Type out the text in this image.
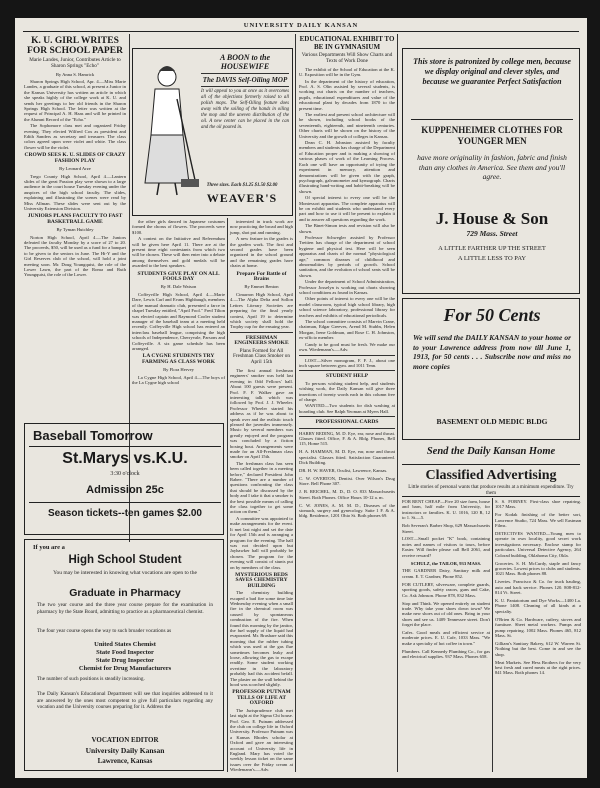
UNIVERSITY DAILY KANSAN
K. U. GIRL WRITES FOR SCHOOL PAPER
Marie Landes, Junior, Contributes Article to Sharon Springs "Echo"
By Anna S. Hamrick

Sharon Springs High School, Apr. 4.—Miss Marie Landes, a graduate of this school, at present a Junior in the Kansas University has written an article in which she speaks highly of the college work at K. U. and sends her greetings to her old friends in the Sharon Springs High School. The letter was written at the request of Principal A. H. Haas and will be printed in the Alumni Record of the "Echo."

The Sophomore class met and organized Friday evening. They elected Wilfred Cox as president and Edith Sanders as secretary and treasurer. The class colors agreed upon were violet and white. The class flower will be the violet.

CROWD SEES K. U. SLIDES OF CRAZY FASHION PLAY
By Leonard Arze

Trego County High School, April 4.—Lantern slides of the great Passion play were shown to a large audience in the court house Tuesday evening under the auspices of the high school faculty. The slides, explaining and illustrating the scenes were read by Miss Allman. These slides were sent out by the University Extension Division.

JUNIORS PLANS FACULTY TO FAST BASKETBALL GAME
By Tyman Hutchley

Norton High School, April 4.—The Juniors defeated the faculty Monday by a score of 27 to 20. The proceeds, $50, will be used as a fund for a banquet to be given to the seniors in June. The Hi-Y and the Girl Reserves club of the school, will hold a joint meeting soon. Mr. Doug Youngquist, the role of the Lower Lawn, the part of the Roma and Ruth Youngquist, the role of the Lower.

A BOON to the HOUSEWIFE
The DAVIS Self-Oiling MOP
It will appeal to you at once as it overcomes all of the objections formerly raised to all polish mops. The Self-Oiling feature does away with the soiling of the hands in oiling the mop and the uneven distribution of the oil. A new center can be placed in the can and the oil poured in.
Three sizes. Each $1.25 $1.50 $2.00
WEAVER'S

the other girls danced in Japanese costumes formed the chorus of flowers. The proceeds were $100.

A contest on the Initiative and Referendum will be given here April 11. There are at the present time eight contestants from which two will be chosen. These will then enter into a debate among themselves and gold medals will be awarded to the best speakers.

STUDENTS GIVE PLAY ON ALL FOOLS DAY
By H. Dale Watson

Coffeyville High School, April 4.—Marie Dare, Lewis Carl and Evans Highbaugh, members of the manual dramatic club, presented a farce in chapel Tuesday entitled, "April Fool." Fred Tilton was elected captain and Raymond Cooler student manager of the baseball team at a meeting held recently. Coffeyville High school has entered an interclass baseball league, comprising the high schools of Independence, Cherryvale, Parsons and Coffeyville. A six game schedule has been arranged.

LA CYGNE STUDENTS TRY FARMING AS CLASS WORK
By Flora Hervey

La Cygne High School, April 4.—The boys of the La Cygne high school

interested in truck work are now practicing the broad and high jump, shot put and running.

A new feature in the grades is the garden work. The first and second grades have been organized in the school ground and the remaining grades have chairs at home.

Prepare For Battle of Brains
By Emmet Benton

Cimarron High School, April 4.—The Alpha Delta and Sollon Lettres Literary Societies are preparing for the final yearly contest, April 19 to determine which society shall hold the Trophy cup for the ensuing year.

FRESHMAN ENGINEERS SMOKE
Plans Formed for All Freshman Class Smoker on April 15th

The first annual freshman engineers' smoker was held last evening in Odd Fellows' hall. About 100 guests were present. Prof. F. F. Walker gave an interesting talk which was followed by Prof. J. J. Wheeler. Professor Wheeler started his address as if he was about to speak over and the realistic touch pleased the juveniles immensely. Music by several members was greatly enjoyed and the program was concluded by a fiction boxing bout. Arrangements were made for an All-Freshman class smoker on April 15th.

The freshman class has seen been called together in a meeting before," declared President John Rabee. "There are a number of questions confronting the class that should be discussed by the body and I take it that a smoker is the best possible means of calling the class together to get some action on them."

A committee was appointed to make arrangements for the event. It met last night and set the date for April 15th and is arranging a program for the evening. The hall was not decided upon but Jayhawker hall will probably be chosen. The program for the evening will consist of stunts put on by members of the class.

MYSTERIOUS BEDS SAVES CHEMISTRY BUILDING

The chemistry building escaped a bad fire some time late Wednesday evening when a small fire in the chemical room was caused by spontaneous combustion of the fire. When found this morning by the janitor, the fuel supply of the liquid had evaporated. Mr. Brashare said this morning that the rubber tubing which was used at the gas flue sometimes becomes leaky and loose, allowing the gas to escape readily. Some student working overtime in the laboratory probably had this accident befall. The plaster on the wall behind the hood was scorched slightly.

PROFESSOR PUTNAM TELLS OF LIFE AT OXFORD

The Jurisprudence club met last night at the Sigma Chi house. Prof. Geo. E. Putnam addressed the club on college life in Oxford University. Professor Putnam was a Kansas Rhodes scholar at Oxford and gave an interesting account of University life in England. Mary has voted the weekly lesson ticket on the same issues over the Friday cream at Wiedemann's.—Adv.

EDUCATIONAL EXHIBIT TO BE IN GYMNASIUM
Various Departments Will Show Charts and Texts of Work Done

The exhibit of the School of Education at the K. U. Exposition will be in the Gym.

In the department of the history of education, Prof. A. S. Olin assisted by several students, is working out charts on the number of teachers, pupils, educational expenditures and value of the educational plant by decades from 1870 to the present time.

The earliest and present school architecture will be shown, including school books of the seventeenth, eighteenth, and nineteenth centuries. Other charts will be shown on the history of the University and the growth of colleges in Kansas.

Dean C. H. Johnston assisted by faculty members and students has charge of the Department of Education proper and is making a showing of various phases of work of the Learning Process. Each one will have an opportunity of trying the experiment in memory, attention and demonstrations will be given with the graph, psychograph, galvanometer and kymograph. Charts illustrating hand-writing and habit-breaking will be shown.

Of special interest to every one will be the Montessori apparatus. The complete apparatus will be on exhibit and students who understand every part and how to use it will be present to explain it and to answer all questions regarding the work.

The Binet-Simon tests and revision will also be shown.

Professor Schwegler assisted by Professor Trettien has charge of the department of school hygiene and physical test. Here will be seen apparatus and charts of the normal "physiological age," common diseases of childhood and abnormalities by periods of growth. School sanitation, and the evolution of school seats will be shown.

Under the department of School Administration, Professor Josselyn is working out charts showing school conditions as found in Kansas.

Other points of interest to every one will be the model classroom, typical high school library, high school science laboratory, professional library for teachers and exhibits of educational periodicals.

The school committee consists of Marvin Crane, chairman, Edgar Greeves, Arend M. Stubbs, Helen Morgan, Irene Goldman, and Rose C. H. Johnston, ex-officio member.

Candy to be good must be fresh. We make our own. Wiedemann's.—Adv.

LOST—Silver monogram, F. F. J., about one inch square between gym. and 1011 Tenn.

STUDENT HELP

To persons wishing student help, and students wishing work, the Daily Kansan will give three insertions of twenty words each in this column free of charge.

WANTED—Two students for dish washing at boarding club. See Ralph Yeoman at Myers Hall.

PROFESSIONAL CARDS

HARRY REDING, M. D. Eye, ear, nose and throat. Glasses fitted. Office, F. & A. Bldg. Phones, Bell 115, Home 515.

H. A. HAMMAN, M. D. Eye, ear, nose and throat specialist. Glasses fitted. Satisfaction Guaranteed. Dick Building.

DR. H. W. HAVER, Oculist, Lawrence, Kansas.

C. W. OVERTON, Dentist. Over Wilson's Drug Store. Bell Phone 307.

J. B. REICHEL, M. D., D. O. 833 Massachusetts Street. Both Phones. Office Hours 10-12 a. m.

C. W. JONES, A. M. M. D., Diseases of the stomach, surgery and gynecology. Suite 1 F. & A. bldg. Residence, 1201 Ohio St. Both phones 69.

This store is patronized by college men, because we display original and clever styles, and because we guarantee Perfect Satisfaction
KUPPENHEIMER CLOTHES FOR YOUNGER MEN
have more originality in fashion, fabric and finish than any clothes in America. See them and you'll agree.
J. House & Son
729 Mass. Street
A LITTLE FARTHER UP THE STREET
A LITTLE LESS TO PAY
For 50 Cents
We will send the DAILY KANSAN to your home or to your Lawrence address from now till June 1, 1913, for 50 cents . . . Subscribe now and miss no more copies
BASEMENT OLD MEDIC BLDG
Send the Daily Kansan Home
Classified Advertising
Little stories of personal wants that produce results at a minimum expenditure. Try them

FOR RENT CHEAP—Five 20 size farm, house and barn, half mile from University, for instructors or families. K. U. 1016, 120 R, 12 to 1. St.—5.

Bob Severan's Barber Shop, 629 Massachusetts Street.

LOST—Small pocket "K" book, containing notes and names of visitors to tours, before Easter. Will finder please call Bell 2061, and receive reward?

SCHULZ, the TAILOR, 933 MASS.

THE GARDNER Dairy, Sanitary milk and cream. E. T. Gardner, Phone 852.

FOR CUTLERY, silverware, complete guards, sporting goods, safety razors, guns and Cake, Co. Ask Johnson. Phone 878, 832 Mass.

Stop and Think. We opened entirely on student trade. Why take your shoes down town? We make new shoes out of old ones. Bring in your shoes and see us. 1409 Tennessee street. Don't forget the place.

Cafes. Good meals and efficient service at moderate prices. E. U. Cafe, 1033 Mass. "We make a specialty of hot coffee in town."

Plumbers. Call Kennedy Plumbing Co., for gas and electrical supplies. 937 Mass. Phones 658.

S. S. FORNEY. First-class shoe repairing. 1017 Mass.

For Kodak finishing of the better sort, Lawrence Studio, 724 Mass. We sell Eastman Films.

DETECTIVES WANTED—Young men to operate in own locality, good secret work investigations necessary. Enclose stamp for particulars. Universal Detective Agency, 264 Colorad building, Oklahoma City, Okla.

Groceries. S. H. McCurdy, staple and fancy groceries. Lowest prices to clubs and students. 1021 Mass. Both phones 88.

Liveries. Francisco & Co. for truck hauling, auto and hack service. Phones 120. 808-812-814 Vt. Street.

K. U. Pantatorium and Dye Works—1400 La. Phone 1408. Cleaning of all kinds at a specialty.

O'Brien & Co. Hardware, cutlery, stoves and furniture. Sheet metal workers. Pumps and pump repairing. 1002 Mass. Phones 465, 812 Mass. St.

Gilliam's Sanitary Bakery, 612 W. Warren St. Nothing but the best. Come in and see the shop.

Meat Markets. See Hess Brothers for the very best fresh and cured meats at the right prices. 841 Mass. Both phones 14.

Baseball Tomorrow
St.Marys vs.K.U.
3:30 o'clock
Admission 25c
Season tickets--ten games $2.00
If you are a
High School Student
You may be interested in knowing what vocations are open to the
Graduate in Pharmacy
The two year course and the three year course prepare for the examination in pharmacy by the State Board, admitting to practice as a pharmaceutical chemist.
The four year course opens the way to such broader vocations as
United States Chemist
State Food Inspector
State Drug Inspector
Chemist for Drug Manufacturers
The number of such positions is steadily increasing.
The Daily Kansan's Educational Department will see that inquiries addressed to it are answered by the ones most competent to give full particulars regarding any vocation and the University courses preparing for it. Address the
VOCATION EDITOR
University Daily Kansan
Lawrence, Kansas
